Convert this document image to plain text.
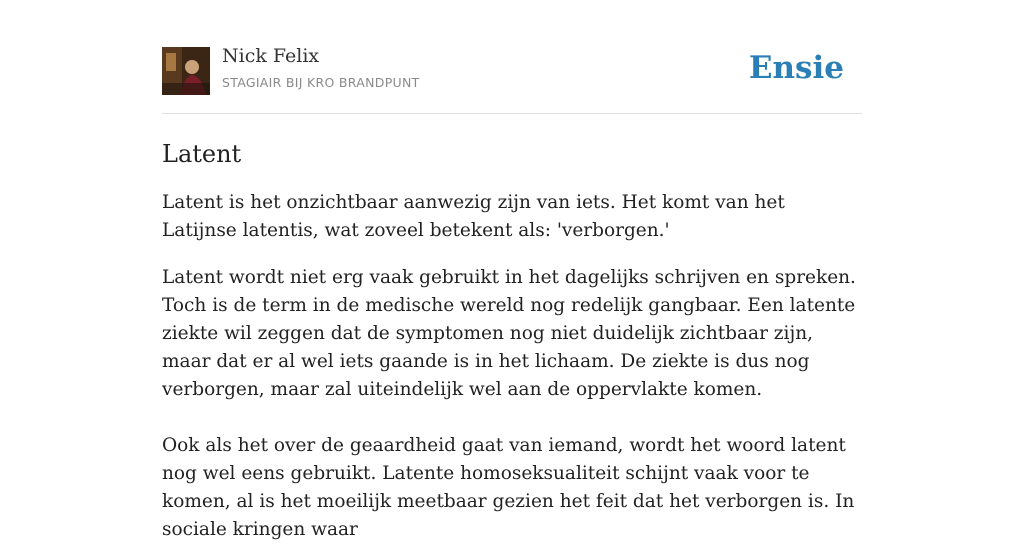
Nick Felix
STAGIAIR BIJ KRO BRANDPUNT	Ensie
Latent

Latent is het onzichtbaar aanwezig zijn van iets. Het komt van het Latijnse latentis, wat zoveel betekent als: 'verborgen.'

Latent wordt niet erg vaak gebruikt in het dagelijks schrijven en spreken. Toch is de term in de medische wereld nog redelijk gangbaar. Een latente ziekte wil zeggen dat de symptomen nog niet duidelijk zichtbaar zijn, maar dat er al wel iets gaande is in het lichaam. De ziekte is dus nog verborgen, maar zal uiteindelijk wel aan de oppervlakte komen.

Ook als het over de geaardheid gaat van iemand, wordt het woord latent nog wel eens gebruikt. Latente homoseksualiteit schijnt vaak voor te komen, al is het moeilijk meetbaar gezien het feit dat het verborgen is. In sociale kringen waar
